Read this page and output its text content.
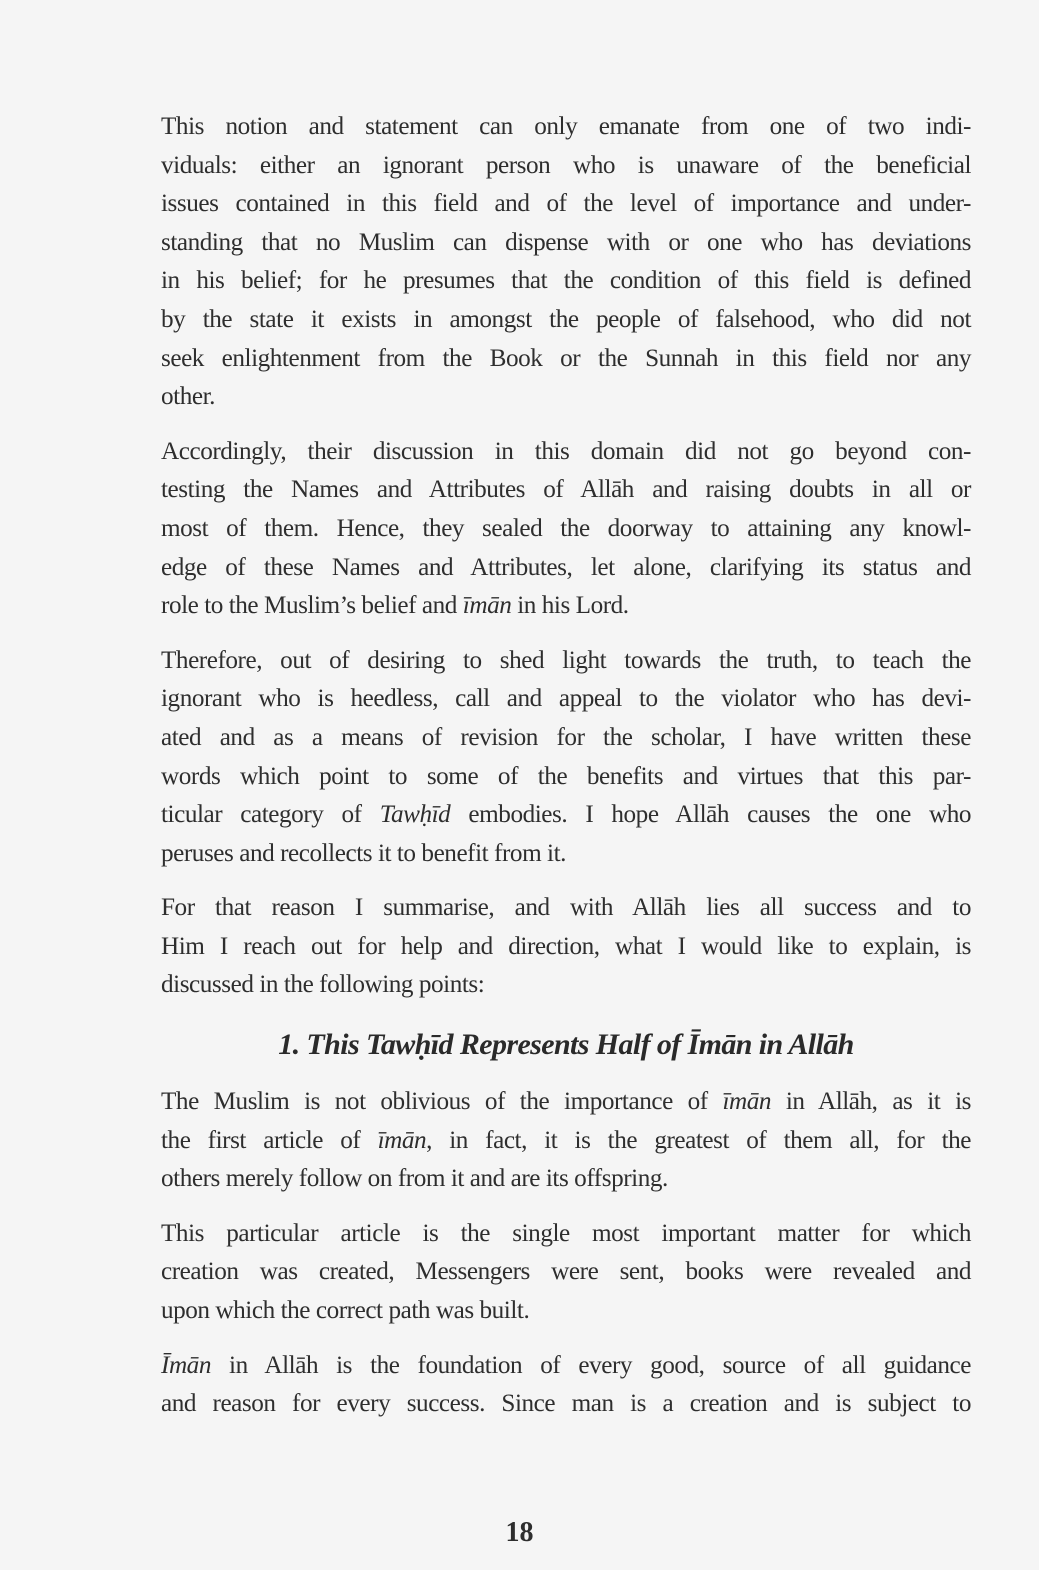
This notion and statement can only emanate from one of two indi-
viduals: either an ignorant person who is unaware of the beneficial
issues contained in this field and of the level of importance and under-
standing that no Muslim can dispense with or one who has deviations
in his belief; for he presumes that the condition of this field is defined
by the state it exists in amongst the people of falsehood, who did not
seek enlightenment from the Book or the Sunnah in this field nor any
other.
Accordingly, their discussion in this domain did not go beyond con-
testing the Names and Attributes of Allāh and raising doubts in all or
most of them. Hence, they sealed the doorway to attaining any knowl-
edge of these Names and Attributes, let alone, clarifying its status and
role to the Muslim’s belief and īmān in his Lord.
Therefore, out of desiring to shed light towards the truth, to teach the
ignorant who is heedless, call and appeal to the violator who has devi-
ated and as a means of revision for the scholar, I have written these
words which point to some of the benefits and virtues that this par-
ticular category of Tawḥīd embodies. I hope Allāh causes the one who
peruses and recollects it to benefit from it.
For that reason I summarise, and with Allāh lies all success and to
Him I reach out for help and direction, what I would like to explain, is
discussed in the following points:
1. This Tawḥīd Represents Half of Īmān in Allāh
The Muslim is not oblivious of the importance of īmān in Allāh, as it is
the first article of īmān, in fact, it is the greatest of them all, for the
others merely follow on from it and are its offspring.
This particular article is the single most important matter for which
creation was created, Messengers were sent, books were revealed and
upon which the correct path was built.
Īmān in Allāh is the foundation of every good, source of all guidance
and reason for every success. Since man is a creation and is subject to
18
